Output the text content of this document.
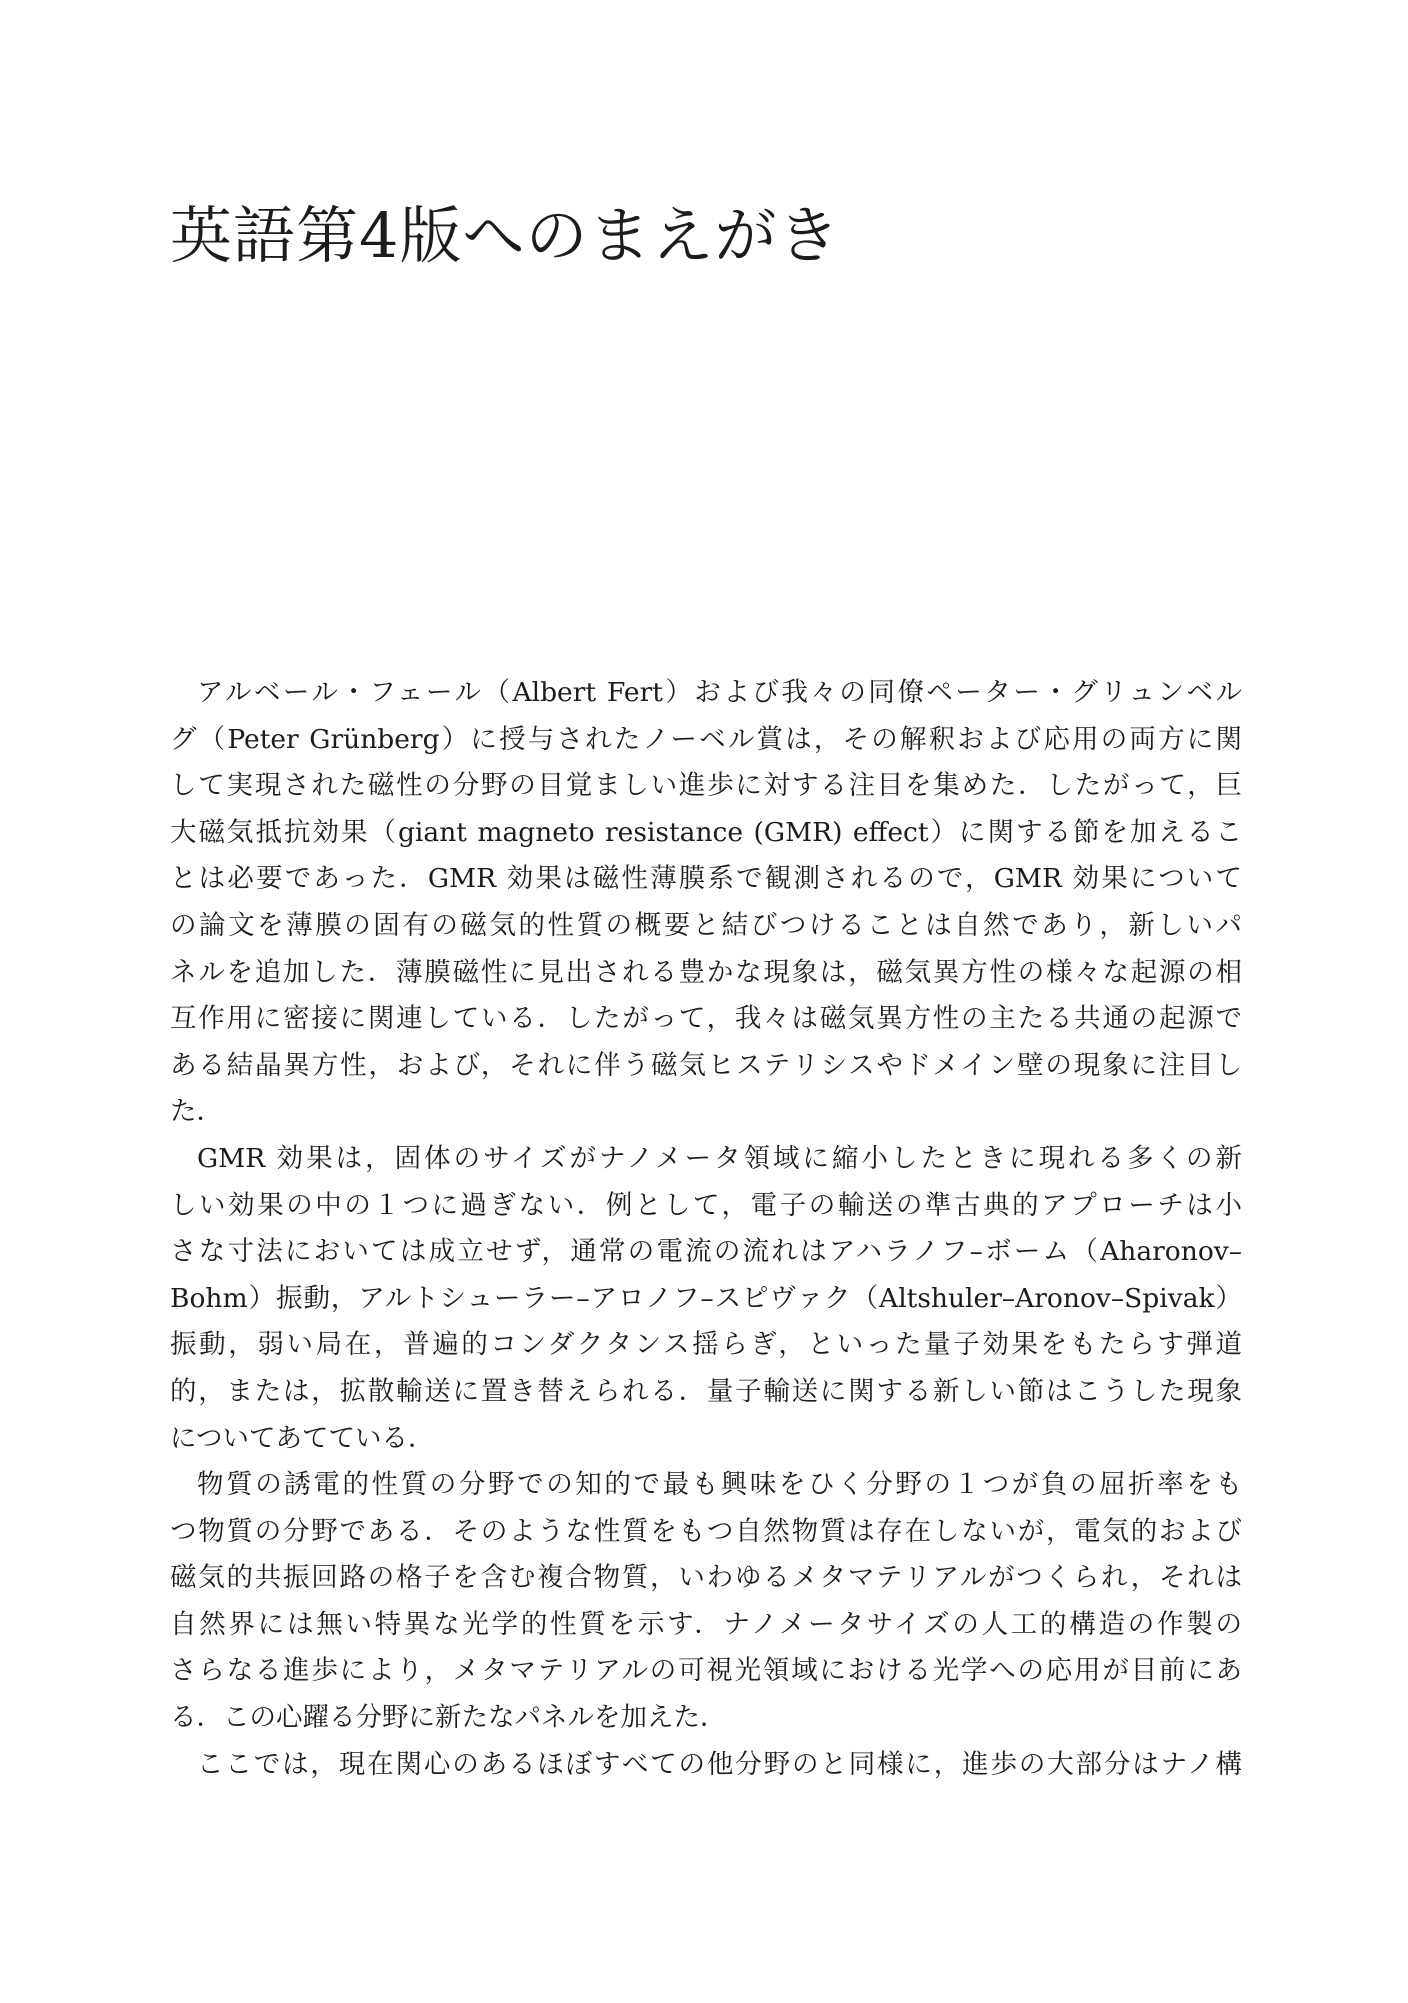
英語第4版へのまえがき
アルベール・フェール（Albert Fert）および我々の同僚ペーター・グリュンベル
グ（Peter Grünberg）に授与されたノーベル賞は，その解釈および応用の両方に関
して実現された磁性の分野の目覚ましい進歩に対する注目を集めた．したがって，巨
大磁気抵抗効果（giant magneto resistance (GMR) effect）に関する節を加えるこ
とは必要であった．GMR 効果は磁性薄膜系で観測されるので，GMR 効果について
の論文を薄膜の固有の磁気的性質の概要と結びつけることは自然であり，新しいパ
ネルを追加した．薄膜磁性に見出される豊かな現象は，磁気異方性の様々な起源の相
互作用に密接に関連している．したがって，我々は磁気異方性の主たる共通の起源で
ある結晶異方性，および，それに伴う磁気ヒステリシスやドメイン壁の現象に注目し
た．
GMR 効果は，固体のサイズがナノメータ領域に縮小したときに現れる多くの新
しい効果の中の１つに過ぎない．例として，電子の輸送の準古典的アプローチは小
さな寸法においては成立せず，通常の電流の流れはアハラノフ–ボーム（Aharonov–
Bohm）振動，アルトシューラー–アロノフ–スピヴァク（Altshuler–Aronov–Spivak）
振動，弱い局在，普遍的コンダクタンス揺らぎ，といった量子効果をもたらす弾道
的，または，拡散輸送に置き替えられる．量子輸送に関する新しい節はこうした現象
についてあてている．
物質の誘電的性質の分野での知的で最も興味をひく分野の１つが負の屈折率をも
つ物質の分野である．そのような性質をもつ自然物質は存在しないが，電気的および
磁気的共振回路の格子を含む複合物質，いわゆるメタマテリアルがつくられ，それは
自然界には無い特異な光学的性質を示す．ナノメータサイズの人工的構造の作製の
さらなる進歩により，メタマテリアルの可視光領域における光学への応用が目前にあ
る．この心躍る分野に新たなパネルを加えた．
ここでは，現在関心のあるほぼすべての他分野のと同様に，進歩の大部分はナノ構
